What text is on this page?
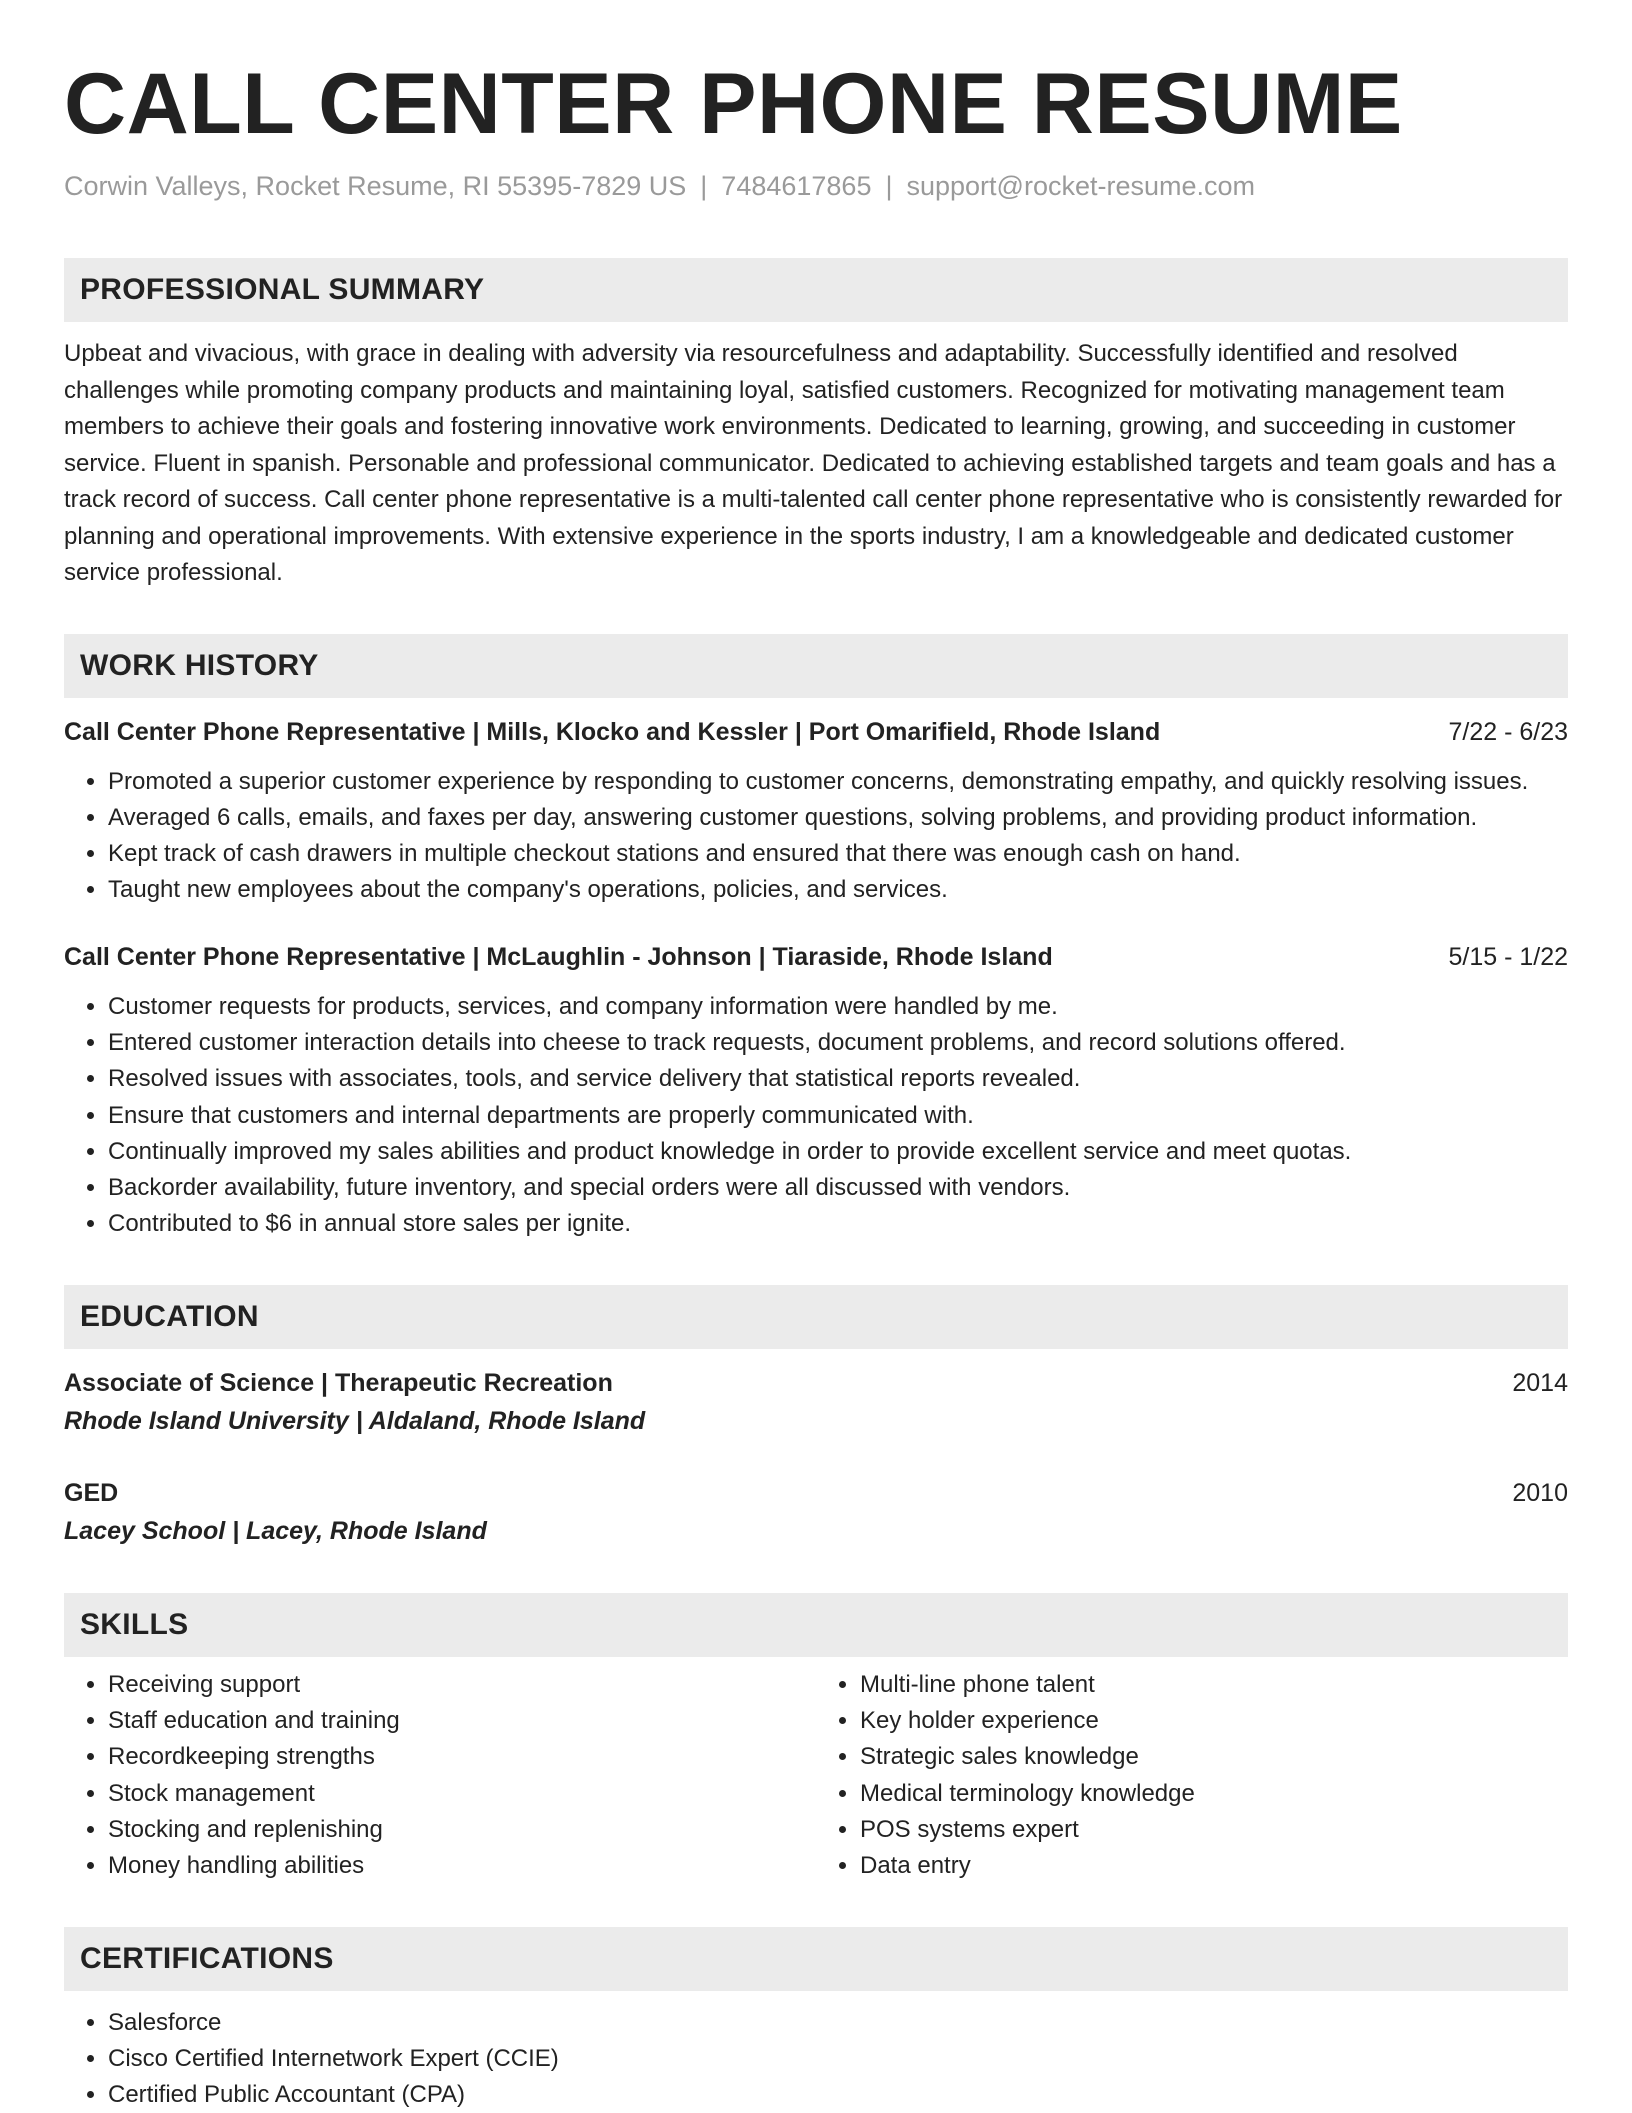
CALL CENTER PHONE RESUME
Corwin Valleys, Rocket Resume, RI 55395-7829 US | 7484617865 | support@rocket-resume.com
PROFESSIONAL SUMMARY

Upbeat and vivacious, with grace in dealing with adversity via resourcefulness and adaptability. Successfully identified and resolved challenges while promoting company products and maintaining loyal, satisfied customers. Recognized for motivating management team members to achieve their goals and fostering innovative work environments. Dedicated to learning, growing, and succeeding in customer service. Fluent in spanish. Personable and professional communicator. Dedicated to achieving established targets and team goals and has a track record of success. Call center phone representative is a multi-talented call center phone representative who is consistently rewarded for planning and operational improvements. With extensive experience in the sports industry, I am a knowledgeable and dedicated customer service professional.

WORK HISTORY
Call Center Phone Representative | Mills, Klocko and Kessler | Port Omarifield, Rhode Island	7/22 - 6/23
• Promoted a superior customer experience by responding to customer concerns, demonstrating empathy, and quickly resolving issues.
• Averaged 6 calls, emails, and faxes per day, answering customer questions, solving problems, and providing product information.
• Kept track of cash drawers in multiple checkout stations and ensured that there was enough cash on hand.
• Taught new employees about the company's operations, policies, and services.
Call Center Phone Representative | McLaughlin - Johnson | Tiaraside, Rhode Island	5/15 - 1/22
• Customer requests for products, services, and company information were handled by me.
• Entered customer interaction details into cheese to track requests, document problems, and record solutions offered.
• Resolved issues with associates, tools, and service delivery that statistical reports revealed.
• Ensure that customers and internal departments are properly communicated with.
• Continually improved my sales abilities and product knowledge in order to provide excellent service and meet quotas.
• Backorder availability, future inventory, and special orders were all discussed with vendors.
• Contributed to $6 in annual store sales per ignite.
EDUCATION
Associate of Science | Therapeutic Recreation	2014
Rhode Island University | Aldaland, Rhode Island
GED	2010
Lacey School | Lacey, Rhode Island
SKILLS
• Receiving support
• Staff education and training
• Recordkeeping strengths
• Stock management
• Stocking and replenishing
• Money handling abilities
• Multi-line phone talent
• Key holder experience
• Strategic sales knowledge
• Medical terminology knowledge
• POS systems expert
• Data entry
CERTIFICATIONS
• Salesforce
• Cisco Certified Internetwork Expert (CCIE)
• Certified Public Accountant (CPA)
